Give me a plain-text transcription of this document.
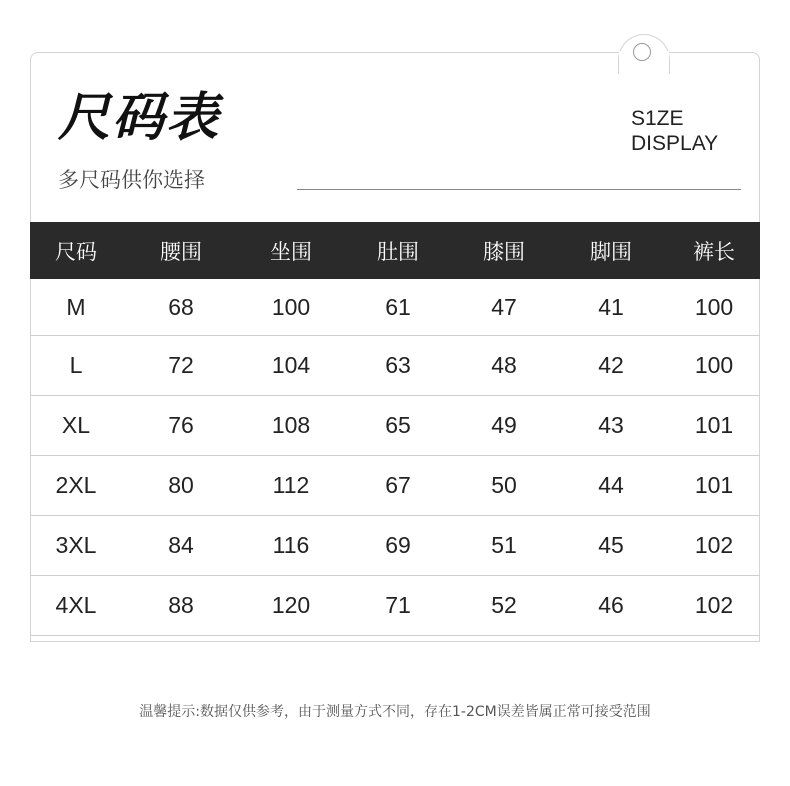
尺码表
多尺码供你选择
S1ZE
DISPLAY
尺码	腰围	坐围	肚围	膝围	脚围	裤长
M	68	100	61	47	41	100
L	72	104	63	48	42	100
XL	76	108	65	49	43	101
2XL	80	112	67	50	44	101
3XL	84	116	69	51	45	102
4XL	88	120	71	52	46	102
温馨提示:数据仅供参考，由于测量方式不同，存在1-2CM误差皆属正常可接受范围
